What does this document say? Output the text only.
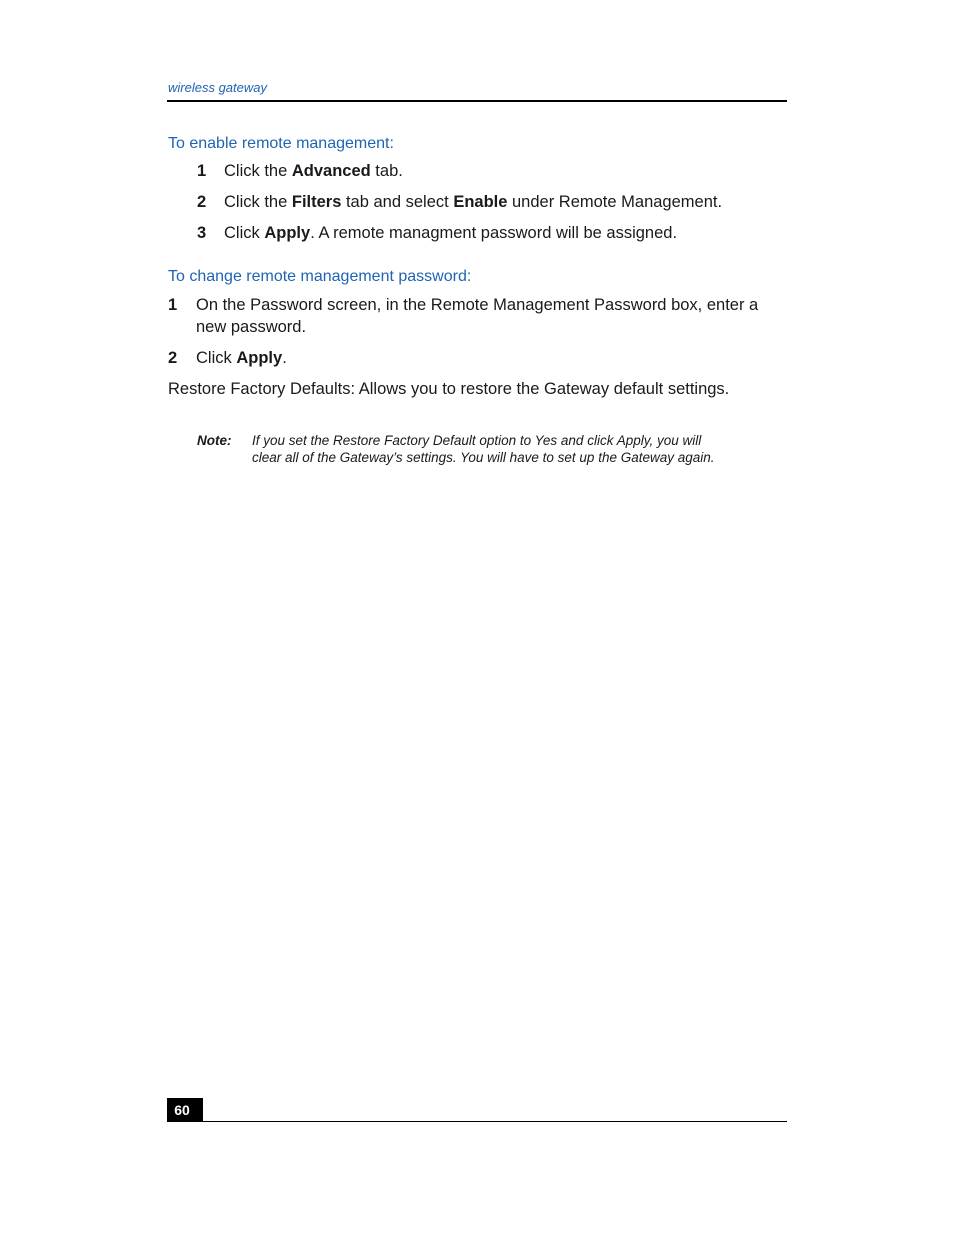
wireless gateway
To enable remote management:
1 Click the Advanced tab.
2 Click the Filters tab and select Enable under Remote Management.
3 Click Apply. A remote managment password will be assigned.
To change remote management password:
1 On the Password screen, in the Remote Management Password box, enter a
new password.
2 Click Apply.
Restore Factory Defaults: Allows you to restore the Gateway default settings.
Note: If you set the Restore Factory Default option to Yes and click Apply, you will
clear all of the Gateway’s settings. You will have to set up the Gateway again.
60
